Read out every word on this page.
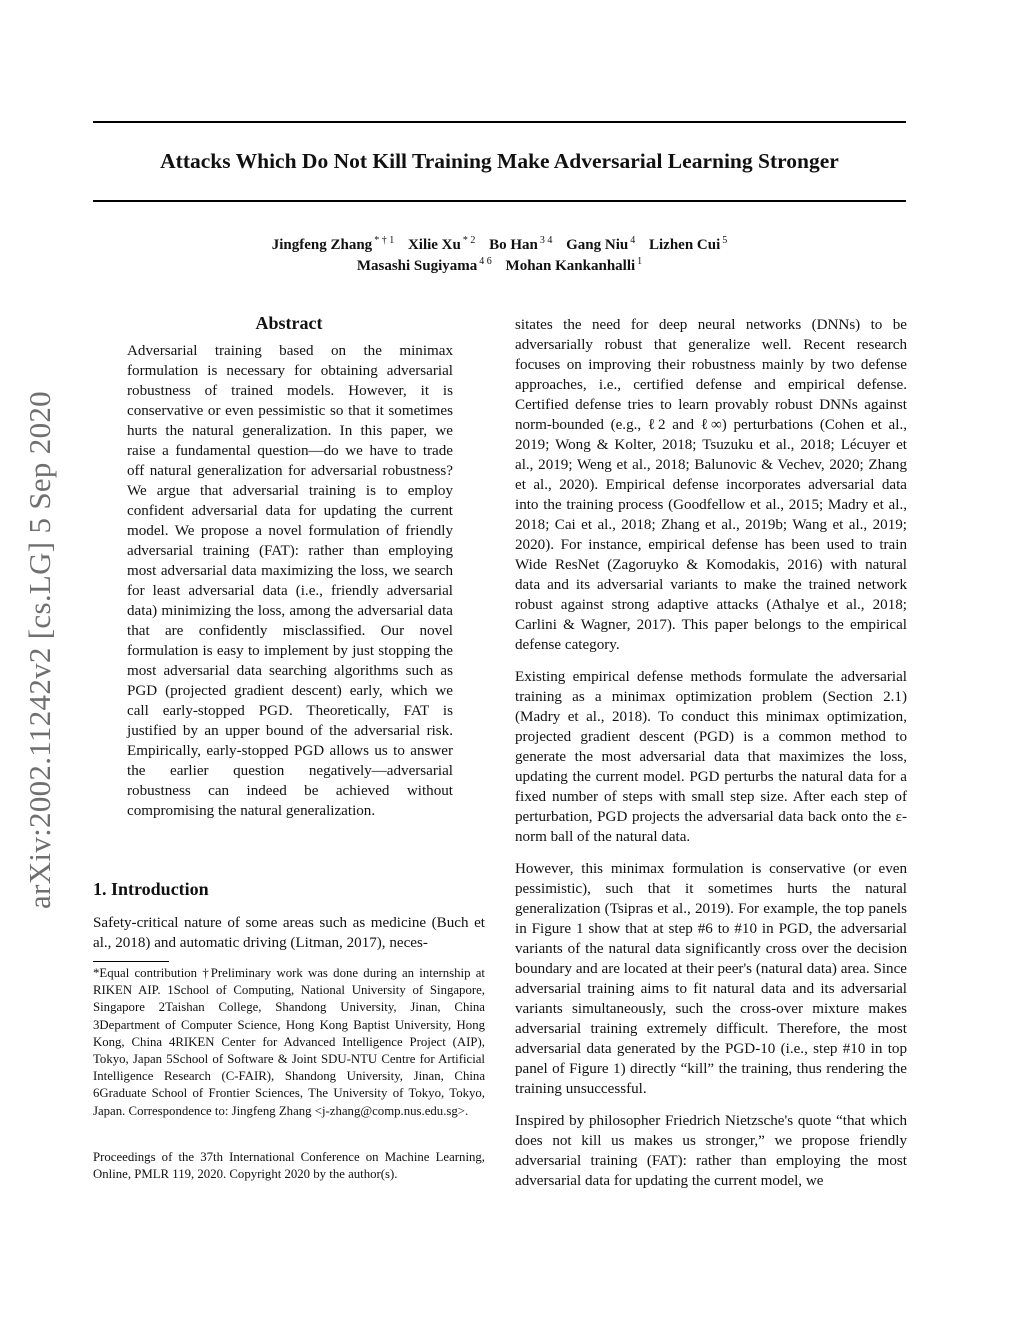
arXiv:2002.11242v2 [cs.LG] 5 Sep 2020
Attacks Which Do Not Kill Training Make Adversarial Learning Stronger
Jingfeng Zhang $^{* \dagger 1}$ Xilie Xu $^{* 2}$ Bo Han $^{3 4}$ Gang Niu $^4$ Lizhen Cui $^5$
Masashi Sugiyama $^{4 6}$ Mohan Kankanhalli $^1$
Abstract
Adversarial training based on the minimax formulation is necessary for obtaining adversarial robustness of trained models. However, it is conservative or even pessimistic so that it sometimes hurts the natural generalization. In this paper, we raise a fundamental question—do we have to trade off natural generalization for adversarial robustness? We argue that adversarial training is to employ confident adversarial data for updating the current model. We propose a novel formulation of friendly adversarial training (FAT): rather than employing most adversarial data maximizing the loss, we search for least adversarial data (i.e., friendly adversarial data) minimizing the loss, among the adversarial data that are confidently misclassified. Our novel formulation is easy to implement by just stopping the most adversarial data searching algorithms such as PGD (projected gradient descent) early, which we call early-stopped PGD. Theoretically, FAT is justified by an upper bound of the adversarial risk. Empirically, early-stopped PGD allows us to answer the earlier question negatively—adversarial robustness can indeed be achieved without compromising the natural generalization.
1. Introduction
Safety-critical nature of some areas such as medicine (Buch et al., 2018) and automatic driving (Litman, 2017), neces-
*Equal contribution †Preliminary work was done during an internship at RIKEN AIP. 1School of Computing, National University of Singapore, Singapore 2Taishan College, Shandong University, Jinan, China 3Department of Computer Science, Hong Kong Baptist University, Hong Kong, China 4RIKEN Center for Advanced Intelligence Project (AIP), Tokyo, Japan 5School of Software & Joint SDU-NTU Centre for Artificial Intelligence Research (C-FAIR), Shandong University, Jinan, China 6Graduate School of Frontier Sciences, The University of Tokyo, Tokyo, Japan. Correspondence to: Jingfeng Zhang <j-zhang@comp.nus.edu.sg>.
Proceedings of the 37th International Conference on Machine Learning, Online, PMLR 119, 2020. Copyright 2020 by the author(s).

sitates the need for deep neural networks (DNNs) to be adversarially robust that generalize well. Recent research focuses on improving their robustness mainly by two defense approaches, i.e., certified defense and empirical defense. Certified defense tries to learn provably robust DNNs against norm-bounded (e.g., ℓ2 and ℓ∞) perturbations (Cohen et al., 2019; Wong & Kolter, 2018; Tsuzuku et al., 2018; Lécuyer et al., 2019; Weng et al., 2018; Balunovic & Vechev, 2020; Zhang et al., 2020). Empirical defense incorporates adversarial data into the training process (Goodfellow et al., 2015; Madry et al., 2018; Cai et al., 2018; Zhang et al., 2019b; Wang et al., 2019; 2020). For instance, empirical defense has been used to train Wide ResNet (Zagoruyko & Komodakis, 2016) with natural data and its adversarial variants to make the trained network robust against strong adaptive attacks (Athalye et al., 2018; Carlini & Wagner, 2017). This paper belongs to the empirical defense category.

Existing empirical defense methods formulate the adversarial training as a minimax optimization problem (Section 2.1) (Madry et al., 2018). To conduct this minimax optimization, projected gradient descent (PGD) is a common method to generate the most adversarial data that maximizes the loss, updating the current model. PGD perturbs the natural data for a fixed number of steps with small step size. After each step of perturbation, PGD projects the adversarial data back onto the ε-norm ball of the natural data.

However, this minimax formulation is conservative (or even pessimistic), such that it sometimes hurts the natural generalization (Tsipras et al., 2019). For example, the top panels in Figure 1 show that at step #6 to #10 in PGD, the adversarial variants of the natural data significantly cross over the decision boundary and are located at their peer's (natural data) area. Since adversarial training aims to fit natural data and its adversarial variants simultaneously, such the cross-over mixture makes adversarial training extremely difficult. Therefore, the most adversarial data generated by the PGD-10 (i.e., step #10 in top panel of Figure 1) directly “kill” the training, thus rendering the training unsuccessful.

Inspired by philosopher Friedrich Nietzsche's quote “that which does not kill us makes us stronger,” we propose friendly adversarial training (FAT): rather than employing the most adversarial data for updating the current model, we
